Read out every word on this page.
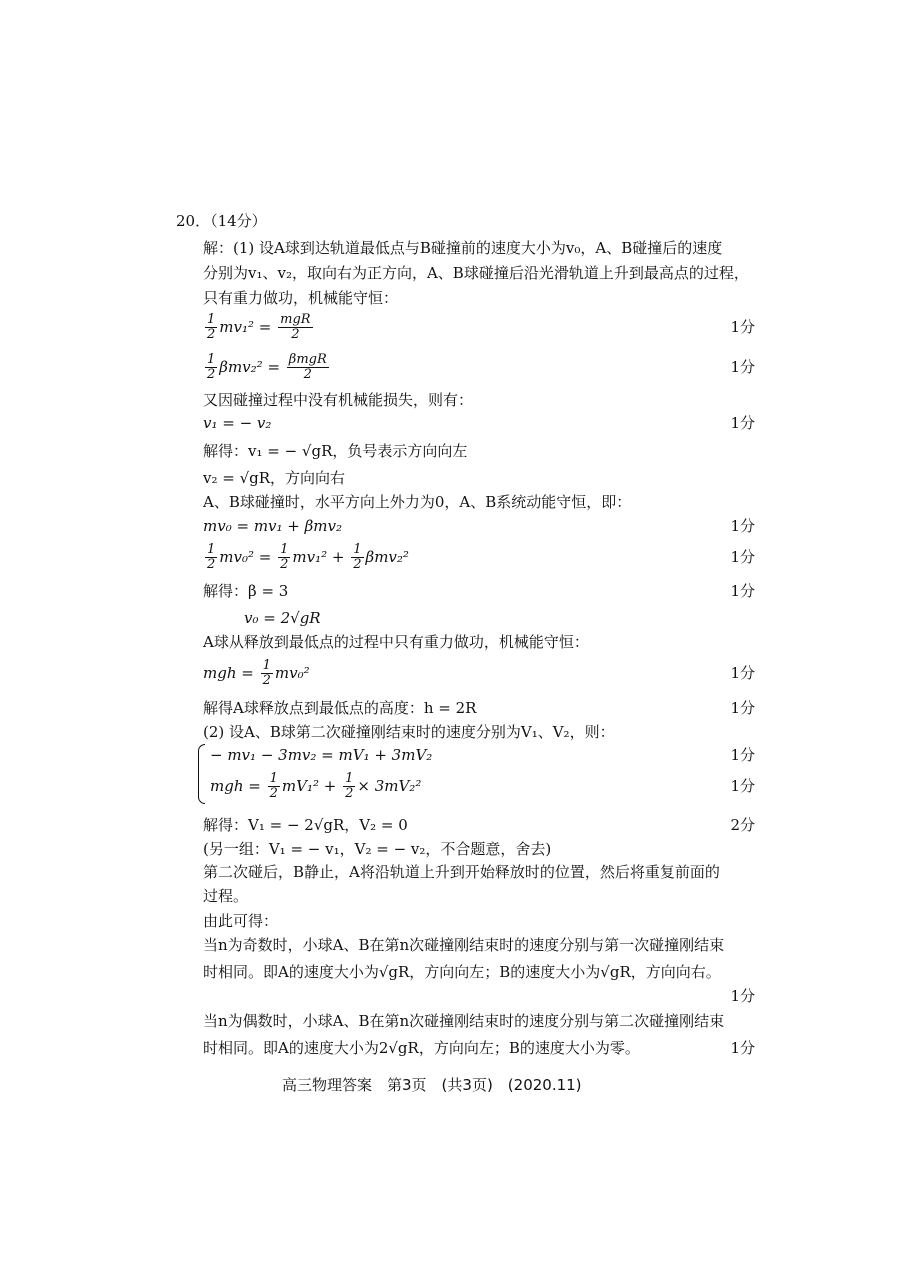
20．（14分）
解：(1) 设A球到达轨道最低点与B碰撞前的速度大小为v₀，A、B碰撞后的速度
分别为v₁、v₂，取向右为正方向，A、B球碰撞后沿光滑轨道上升到最高点的过程，
只有重力做功，机械能守恒：
$\frac{1}{2} mv_1^2$ =
$\frac{\text{mgR}}{2}$	1分
$\frac{1}{2} \beta mv_2^2$ =
$\frac{\text{βmgR}}{2}$	1分
又因碰撞过程中没有机械能损失，则有：
v₁ = − v₂	1分
解得：v₁ = − √gR，负号表示方向向左
v₂ = √gR，方向向右
A、B球碰撞时，水平方向上外力为0，A、B系统动能守恒，即：
mv₀ = mv₁ + βmv₂	1分
$\frac{1}{2} mv_0^2$ =
$\frac{1}{2} mv_1^2$ +
$\frac{1}{2} \beta mv_2^2$	1分
解得：β = 3	1分
v₀ = 2√gR
A球从释放到最低点的过程中只有重力做功，机械能守恒：
mgh =
$\frac{1}{2} mv_0^2$	1分
解得A球释放点到最低点的高度：h = 2R	1分
(2) 设A、B球第二次碰撞刚结束时的速度分别为V₁、V₂，则：
− mv₁ − 3mv₂ = mV₁ + 3mV₂	1分
mgh =
$\frac{1}{2} mV_1^2$ +
$\frac{1}{2} \times 3mV_2^2$	1分
解得：V₁ = − 2√gR，V₂ = 0	2分
(另一组：V₁ = − v₁，V₂ = − v₂，不合题意，舍去)
第二次碰后，B静止，A将沿轨道上升到开始释放时的位置，然后将重复前面的
过程。
由此可得：
当n为奇数时，小球A、B在第n次碰撞刚结束时的速度分别与第一次碰撞刚结束
时相同。即A的速度大小为√gR，方向向左；B的速度大小为√gR，方向向右。
1分
当n为偶数时，小球A、B在第n次碰撞刚结束时的速度分别与第二次碰撞刚结束
时相同。即A的速度大小为2√gR，方向向左；B的速度大小为零。	1分
高三物理答案　第3页　(共3页)　(2020.11)
